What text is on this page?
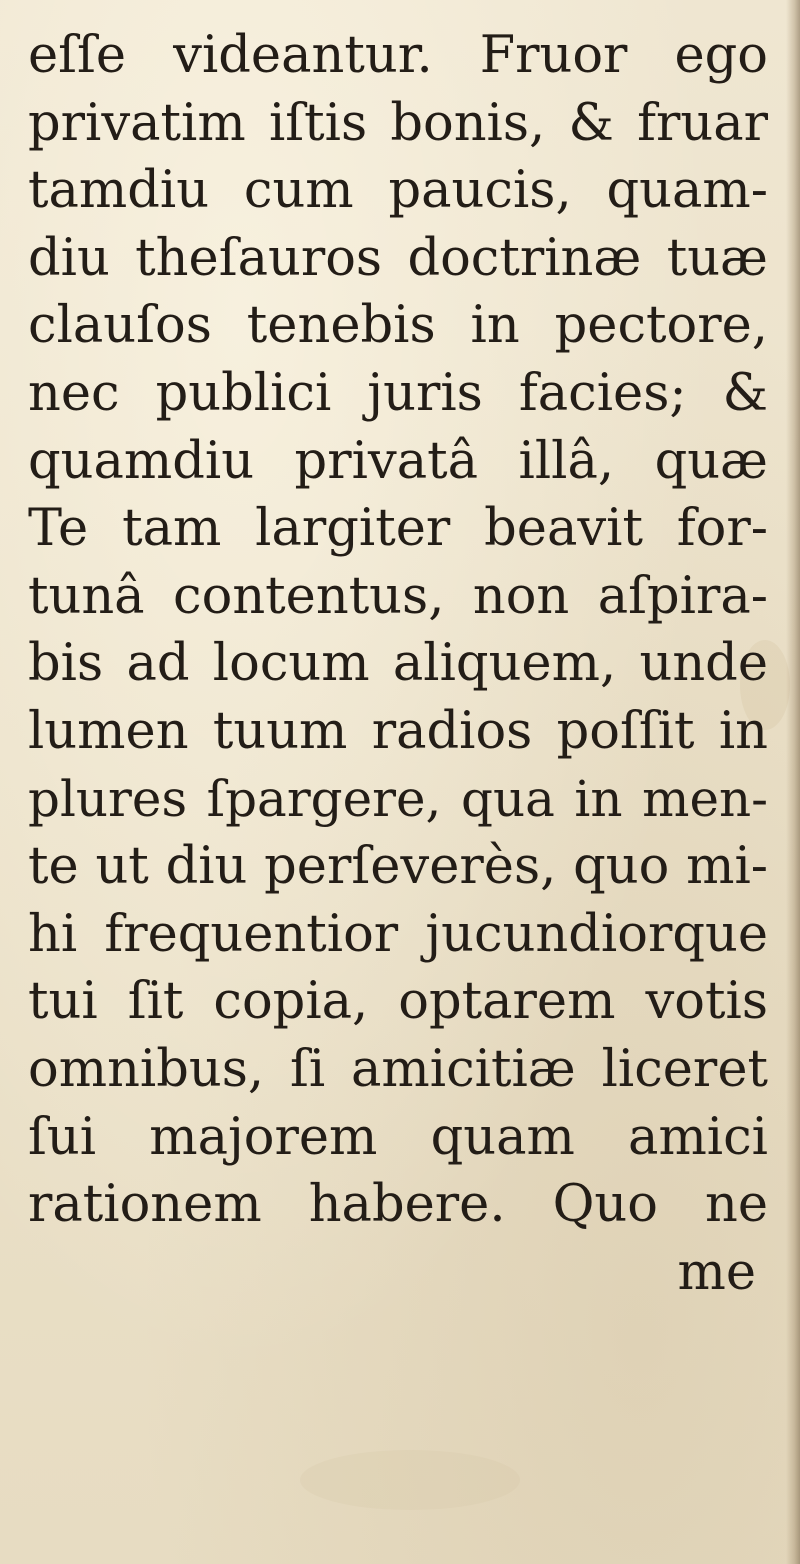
eſſe videantur. Fruor ego
privatim iſtis bonis, & fruar
tamdiu cum paucis, quam-
diu theſauros doctrinæ tuæ
clauſos tenebis in pectore,
nec publici juris facies; &
quamdiu privatâ illâ, quæ
Te tam largiter beavit for-
tunâ contentus, non aſpira-
bis ad locum aliquem, unde
lumen tuum radios poſſit in
plures ſpargere, qua in men-
te ut diu perſeverès, quo mi-
hi frequentior jucundiorque
tui ſit copia, optarem votis
omnibus, ſi amicitiæ liceret
ſui majorem quam amici
rationem habere. Quo ne
me
